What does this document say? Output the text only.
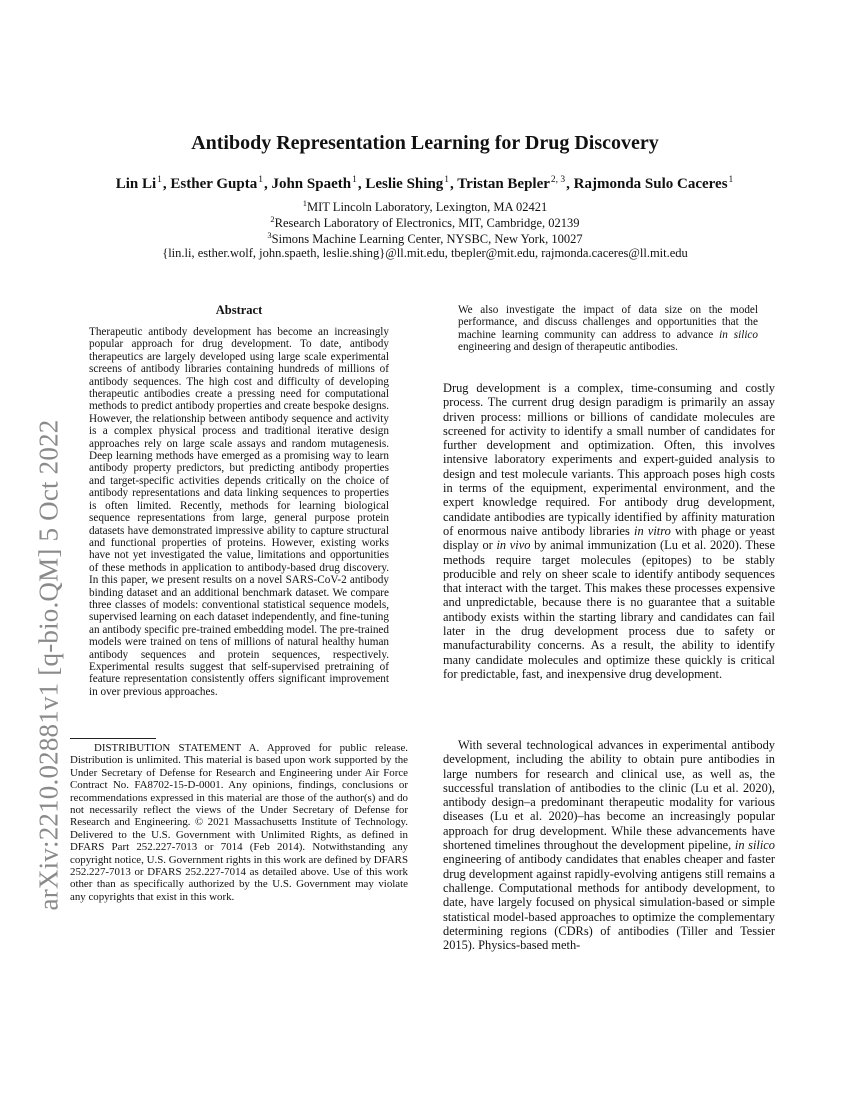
arXiv:2210.02881v1 [q-bio.QM] 5 Oct 2022
Antibody Representation Learning for Drug Discovery
Lin Li$^1$, Esther Gupta$^1$, John Spaeth$^1$, Leslie Shing$^1$, Tristan Bepler$^{2, 3}$, Rajmonda Sulo Caceres$^1$
$^1$MIT Lincoln Laboratory, Lexington, MA 02421
$^2$Research Laboratory of Electronics, MIT, Cambridge, 02139
$^3$Simons Machine Learning Center, NYSBC, New York, 10027
{lin.li, esther.wolf, john.spaeth, leslie.shing}@ll.mit.edu, tbepler@mit.edu, rajmonda.caceres@ll.mit.edu
Abstract

Therapeutic antibody development has become an increasingly popular approach for drug development. To date, antibody therapeutics are largely developed using large scale experimental screens of antibody libraries containing hundreds of millions of antibody sequences. The high cost and difficulty of developing therapeutic antibodies create a pressing need for computational methods to predict antibody properties and create bespoke designs. However, the relationship between antibody sequence and activity is a complex physical process and traditional iterative design approaches rely on large scale assays and random mutagenesis. Deep learning methods have emerged as a promising way to learn antibody property predictors, but predicting antibody properties and target-specific activities depends critically on the choice of antibody representations and data linking sequences to properties is often limited. Recently, methods for learning biological sequence representations from large, general purpose protein datasets have demonstrated impressive ability to capture structural and functional properties of proteins. However, existing works have not yet investigated the value, limitations and opportunities of these methods in application to antibody-based drug discovery. In this paper, we present results on a novel SARS-CoV-2 antibody binding dataset and an additional benchmark dataset. We compare three classes of models: conventional statistical sequence models, supervised learning on each dataset independently, and fine-tuning an antibody specific pre-trained embedding model. The pre-trained models were trained on tens of millions of natural healthy human antibody sequences and protein sequences, respectively. Experimental results suggest that self-supervised pretraining of feature representation consistently offers significant improvement in over previous approaches.

DISTRIBUTION STATEMENT A. Approved for public release. Distribution is unlimited. This material is based upon work supported by the Under Secretary of Defense for Research and Engineering under Air Force Contract No. FA8702-15-D-0001. Any opinions, findings, conclusions or recommendations expressed in this material are those of the author(s) and do not necessarily reflect the views of the Under Secretary of Defense for Research and Engineering. © 2021 Massachusetts Institute of Technology. Delivered to the U.S. Government with Unlimited Rights, as defined in DFARS Part 252.227-7013 or 7014 (Feb 2014). Notwithstanding any copyright notice, U.S. Government rights in this work are defined by DFARS 252.227-7013 or DFARS 252.227-7014 as detailed above. Use of this work other than as specifically authorized by the U.S. Government may violate any copyrights that exist in this work.

We also investigate the impact of data size on the model performance, and discuss challenges and opportunities that the machine learning community can address to advance in silico engineering and design of therapeutic antibodies.

Drug development is a complex, time-consuming and costly process. The current drug design paradigm is primarily an assay driven process: millions or billions of candidate molecules are screened for activity to identify a small number of candidates for further development and optimization. Often, this involves intensive laboratory experiments and expert-guided analysis to design and test molecule variants. This approach poses high costs in terms of the equipment, experimental environment, and the expert knowledge required. For antibody drug development, candidate antibodies are typically identified by affinity maturation of enormous naive antibody libraries in vitro with phage or yeast display or in vivo by animal immunization (Lu et al. 2020). These methods require target molecules (epitopes) to be stably producible and rely on sheer scale to identify antibody sequences that interact with the target. This makes these processes expensive and unpredictable, because there is no guarantee that a suitable antibody exists within the starting library and candidates can fail later in the drug development process due to safety or manufacturability concerns. As a result, the ability to identify many candidate molecules and optimize these quickly is critical for predictable, fast, and inexpensive drug development.

With several technological advances in experimental antibody development, including the ability to obtain pure antibodies in large numbers for research and clinical use, as well as, the successful translation of antibodies to the clinic (Lu et al. 2020), antibody design–a predominant therapeutic modality for various diseases (Lu et al. 2020)–has become an increasingly popular approach for drug development. While these advancements have shortened timelines throughout the development pipeline, in silico engineering of antibody candidates that enables cheaper and faster drug development against rapidly-evolving antigens still remains a challenge. Computational methods for antibody development, to date, have largely focused on physical simulation-based or simple statistical model-based approaches to optimize the complementary determining regions (CDRs) of antibodies (Tiller and Tessier 2015). Physics-based meth-
